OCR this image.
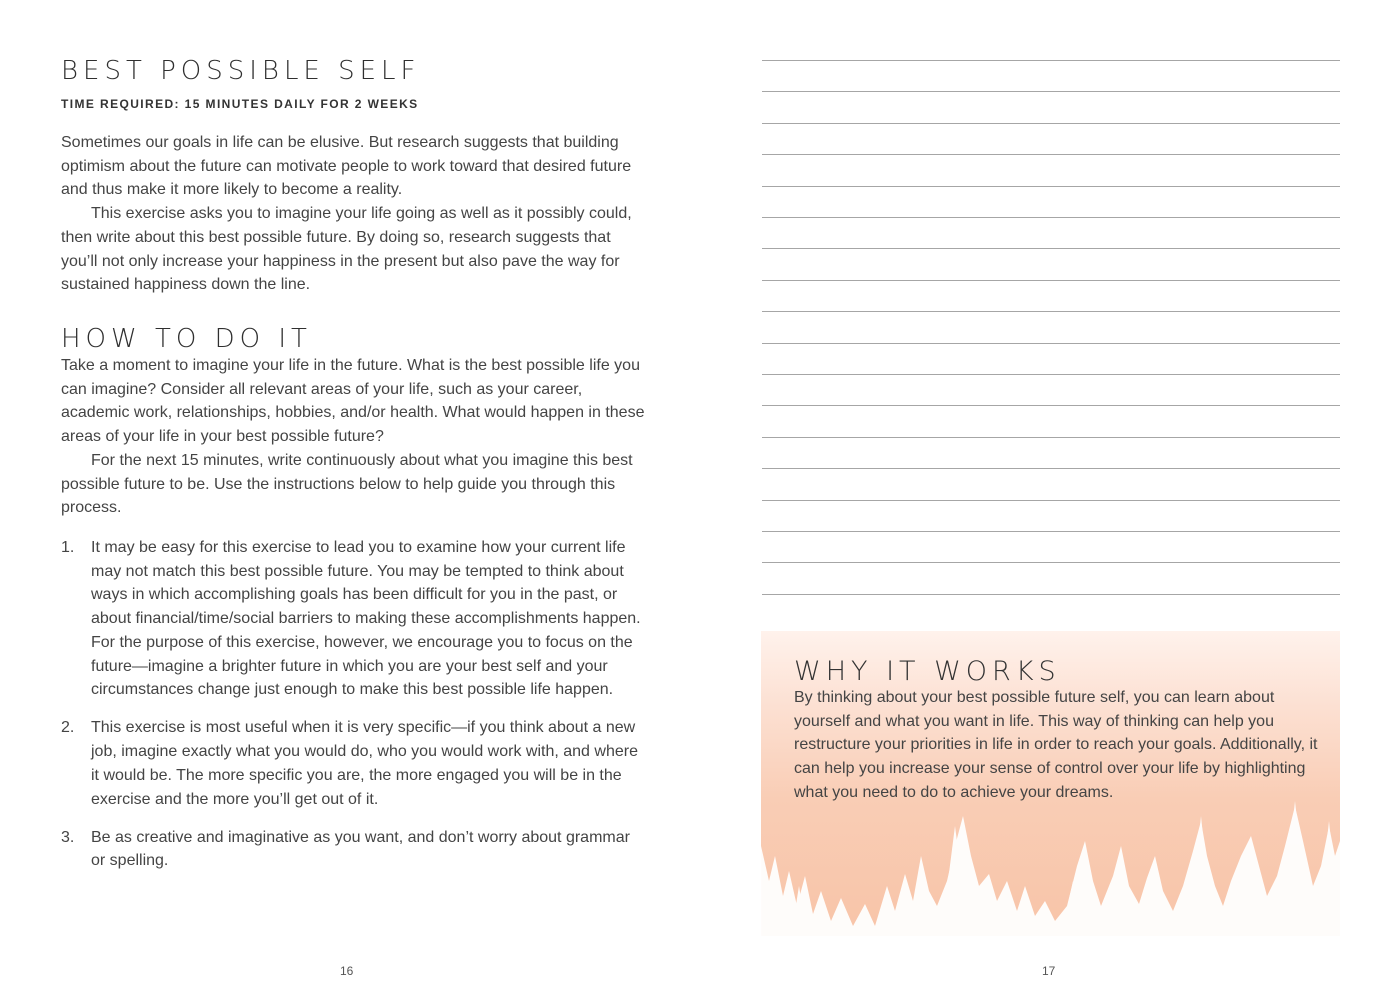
BEST POSSIBLE SELF
TIME REQUIRED: 15 MINUTES DAILY FOR 2 WEEKS

Sometimes our goals in life can be elusive. But research suggests that building optimism about the future can motivate people to work toward that desired future and thus make it more likely to become a reality.

This exercise asks you to imagine your life going as well as it possibly could, then write about this best possible future. By doing so, research suggests that you’ll not only increase your happiness in the present but also pave the way for sustained happiness down the line.

HOW TO DO IT

Take a moment to imagine your life in the future. What is the best possible life you can imagine? Consider all relevant areas of your life, such as your career, academic work, relationships, hobbies, and/or health. What would happen in these areas of your life in your best possible future?

For the next 15 minutes, write continuously about what you imagine this best possible future to be. Use the instructions below to help guide you through this process.

1. It may be easy for this exercise to lead you to examine how your current life may not match this best possible future. You may be tempted to think about ways in which accomplishing goals has been difficult for you in the past, or about financial/time/social barriers to making these accomplishments happen. For the purpose of this exercise, however, we encourage you to focus on the future—imagine a brighter future in which you are your best self and your circumstances change just enough to make this best possible life happen.
2. This exercise is most useful when it is very specific—if you think about a new job, imagine exactly what you would do, who you would work with, and where it would be. The more specific you are, the more engaged you will be in the exercise and the more you’ll get out of it.
3. Be as creative and imaginative as you want, and don’t worry about grammar or spelling.
16
WHY IT WORKS

By thinking about your best possible future self, you can learn about yourself and what you want in life. This way of thinking can help you restructure your priorities in life in order to reach your goals. Additionally, it can help you increase your sense of control over your life by highlighting what you need to do to achieve your dreams.

17
